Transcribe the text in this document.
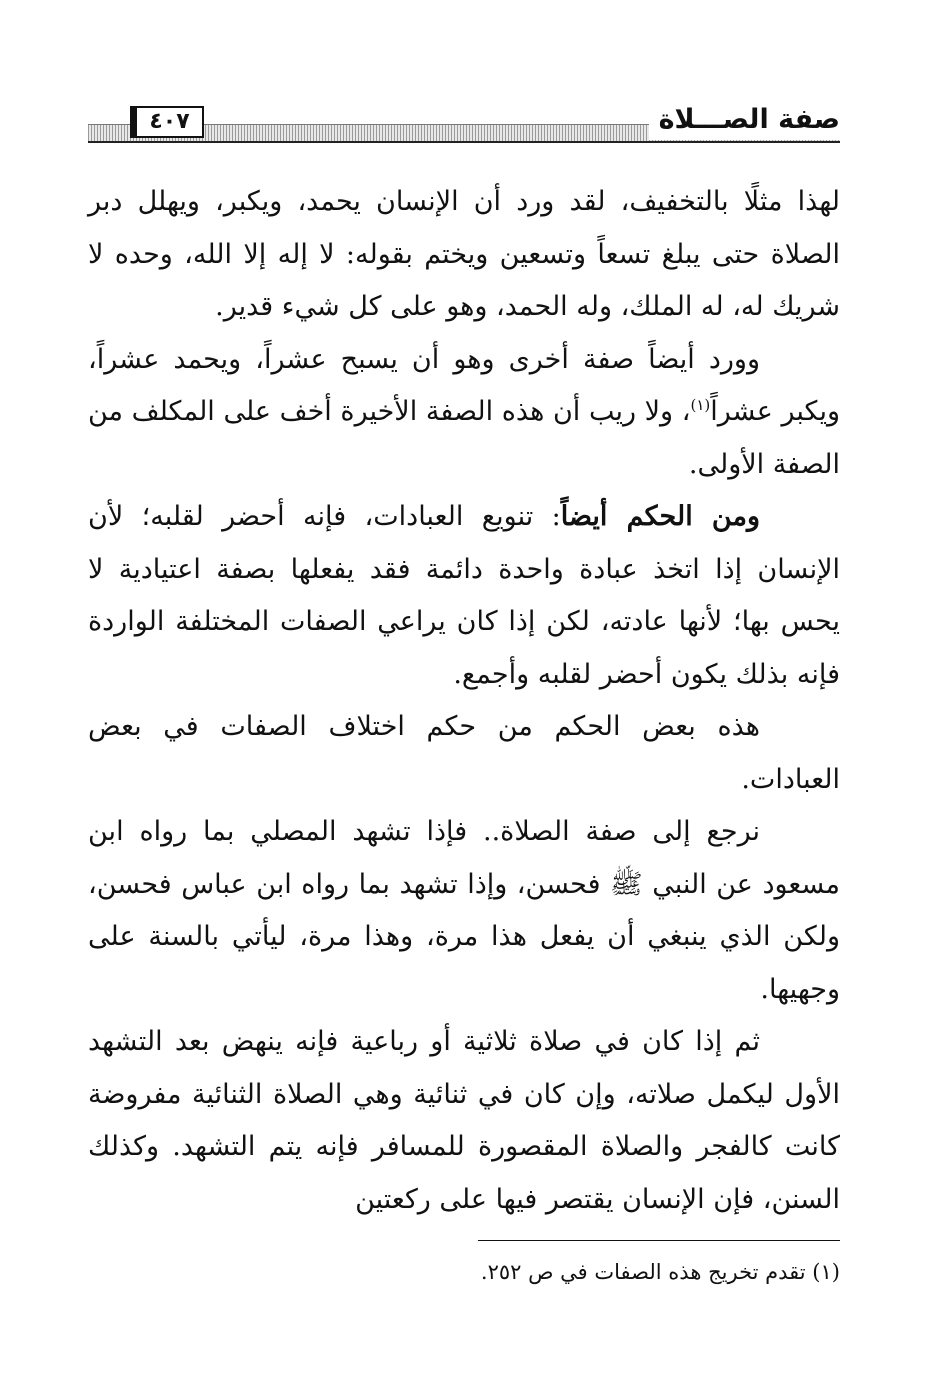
٤٠٧	صفة الصـــلاة

لهذا مثلًا بالتخفيف، لقد ورد أن الإنسان يحمد، ويكبر، ويهلل دبر الصلاة حتى يبلغ تسعاً وتسعين ويختم بقوله: لا إله إلا الله، وحده لا شريك له، له الملك، وله الحمد، وهو على كل شيء قدير.

وورد أيضاً صفة أخرى وهو أن يسبح عشراً، ويحمد عشراً، ويكبر عشراً$^{(١)}$، ولا ريب أن هذه الصفة الأخيرة أخف على المكلف من الصفة الأولى.

ومن الحكم أيضاً: تنويع العبادات، فإنه أحضر لقلبه؛ لأن الإنسان إذا اتخذ عبادة واحدة دائمة فقد يفعلها بصفة اعتيادية لا يحس بها؛ لأنها عادته، لكن إذا كان يراعي الصفات المختلفة الواردة فإنه بذلك يكون أحضر لقلبه وأجمع.

هذه بعض الحكم من حكم اختلاف الصفات في بعض العبادات.

نرجع إلى صفة الصلاة.. فإذا تشهد المصلي بما رواه ابن مسعود عن النبي ﷺ فحسن، وإذا تشهد بما رواه ابن عباس فحسن، ولكن الذي ينبغي أن يفعل هذا مرة، وهذا مرة، ليأتي بالسنة على وجهيها.

ثم إذا كان في صلاة ثلاثية أو رباعية فإنه ينهض بعد التشهد الأول ليكمل صلاته، وإن كان في ثنائية وهي الصلاة الثنائية مفروضة كانت كالفجر والصلاة المقصورة للمسافر فإنه يتم التشهد. وكذلك السنن، فإن الإنسان يقتصر فيها على ركعتين

(١) تقدم تخريج هذه الصفات في ص ٢٥٢.
